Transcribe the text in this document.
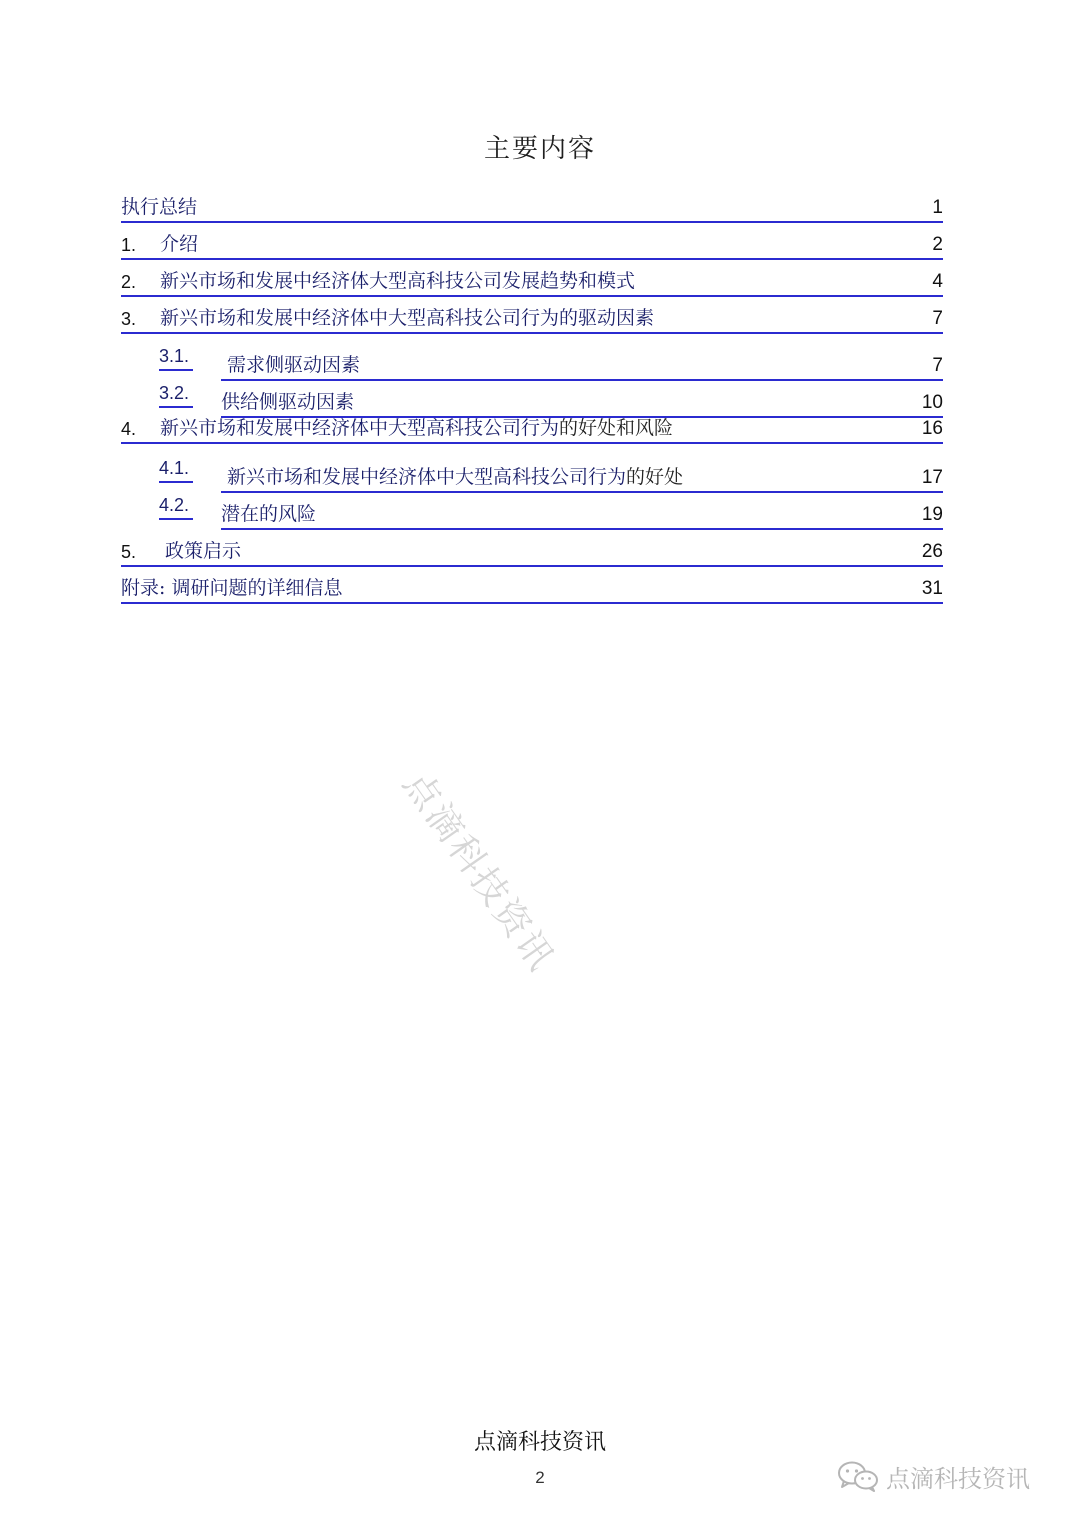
主要内容
执行总结	1
1. 介绍	2
2. 新兴市场和发展中经济体大型高科技公司发展趋势和模式	4
3. 新兴市场和发展中经济体中大型高科技公司行为的驱动因素	7
3.1. 需求侧驱动因素	7
3.2. 供给侧驱动因素	10
4. 新兴市场和发展中经济体中大型高科技公司行为的好处和风险	16
4.1. 新兴市场和发展中经济体中大型高科技公司行为的好处	17
4.2. 潜在的风险	19
5. 政策启示	26
附录: 调研问题的详细信息	31
点滴科技资讯
点滴科技资讯
2	点滴科技资讯
